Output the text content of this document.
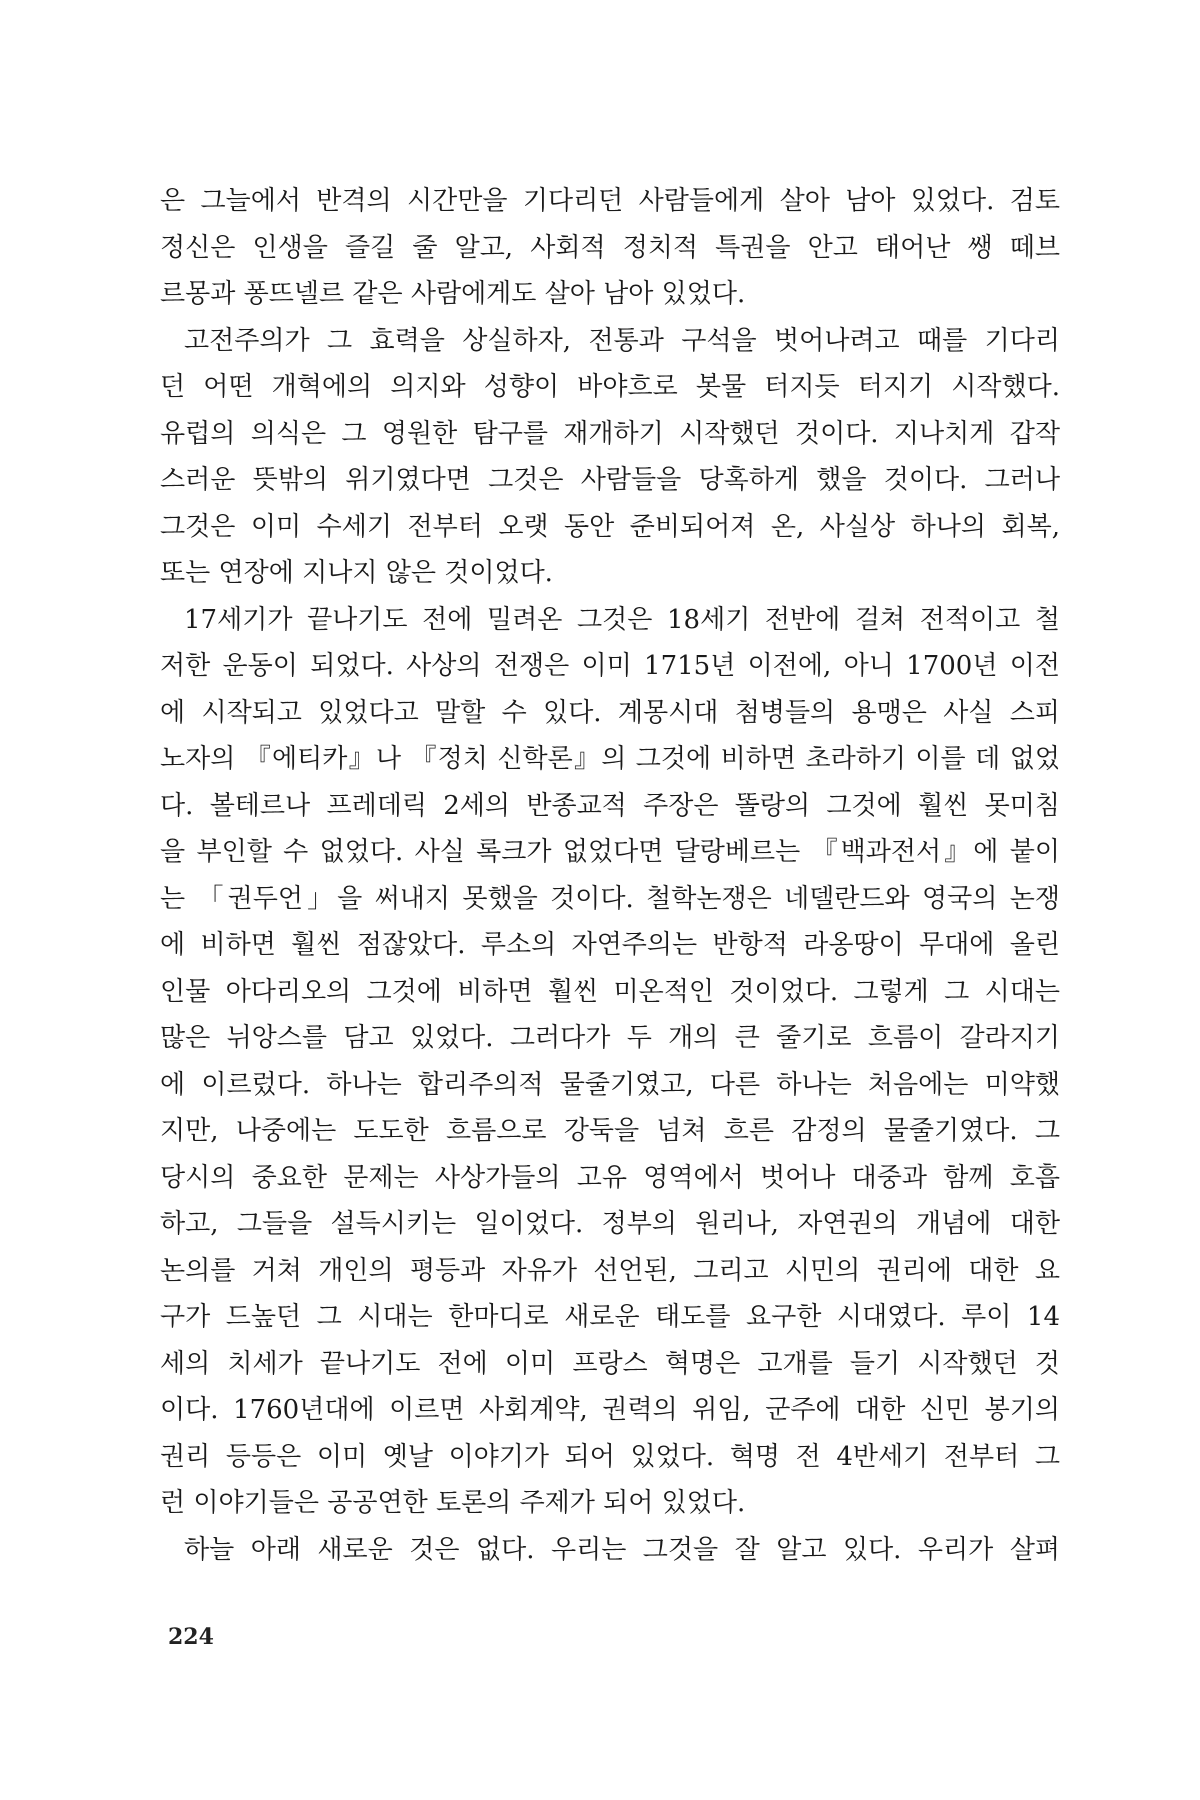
은 그늘에서 반격의 시간만을 기다리던 사람들에게 살아 남아 있었다. 검토
정신은 인생을 즐길 줄 알고, 사회적 정치적 특권을 안고 태어난 쌩 떼브
르몽과 퐁뜨넬르 같은 사람에게도 살아 남아 있었다.
고전주의가 그 효력을 상실하자, 전통과 구석을 벗어나려고 때를 기다리
던 어떤 개혁에의 의지와 성향이 바야흐로 봇물 터지듯 터지기 시작했다.
유럽의 의식은 그 영원한 탐구를 재개하기 시작했던 것이다. 지나치게 갑작
스러운 뜻밖의 위기였다면 그것은 사람들을 당혹하게 했을 것이다. 그러나
그것은 이미 수세기 전부터 오랫 동안 준비되어져 온, 사실상 하나의 회복,
또는 연장에 지나지 않은 것이었다.
17세기가 끝나기도 전에 밀려온 그것은 18세기 전반에 걸쳐 전적이고 철
저한 운동이 되었다. 사상의 전쟁은 이미 1715년 이전에, 아니 1700년 이전
에 시작되고 있었다고 말할 수 있다. 계몽시대 첨병들의 용맹은 사실 스피
노자의 『에티카』나 『정치 신학론』의 그것에 비하면 초라하기 이를 데 없었
다. 볼테르나 프레데릭 2세의 반종교적 주장은 똘랑의 그것에 훨씬 못미침
을 부인할 수 없었다. 사실 록크가 없었다면 달랑베르는 『백과전서』에 붙이
는 「권두언」을 써내지 못했을 것이다. 철학논쟁은 네델란드와 영국의 논쟁
에 비하면 훨씬 점잖았다. 루소의 자연주의는 반항적 라옹땅이 무대에 올린
인물 아다리오의 그것에 비하면 훨씬 미온적인 것이었다. 그렇게 그 시대는
많은 뉘앙스를 담고 있었다. 그러다가 두 개의 큰 줄기로 흐름이 갈라지기
에 이르렀다. 하나는 합리주의적 물줄기였고, 다른 하나는 처음에는 미약했
지만, 나중에는 도도한 흐름으로 강둑을 넘쳐 흐른 감정의 물줄기였다. 그
당시의 중요한 문제는 사상가들의 고유 영역에서 벗어나 대중과 함께 호흡
하고, 그들을 설득시키는 일이었다. 정부의 원리나, 자연권의 개념에 대한
논의를 거쳐 개인의 평등과 자유가 선언된, 그리고 시민의 권리에 대한 요
구가 드높던 그 시대는 한마디로 새로운 태도를 요구한 시대였다. 루이 14
세의 치세가 끝나기도 전에 이미 프랑스 혁명은 고개를 들기 시작했던 것
이다. 1760년대에 이르면 사회계약, 권력의 위임, 군주에 대한 신민 봉기의
권리 등등은 이미 옛날 이야기가 되어 있었다. 혁명 전 4반세기 전부터 그
런 이야기들은 공공연한 토론의 주제가 되어 있었다.
하늘 아래 새로운 것은 없다. 우리는 그것을 잘 알고 있다. 우리가 살펴
224
